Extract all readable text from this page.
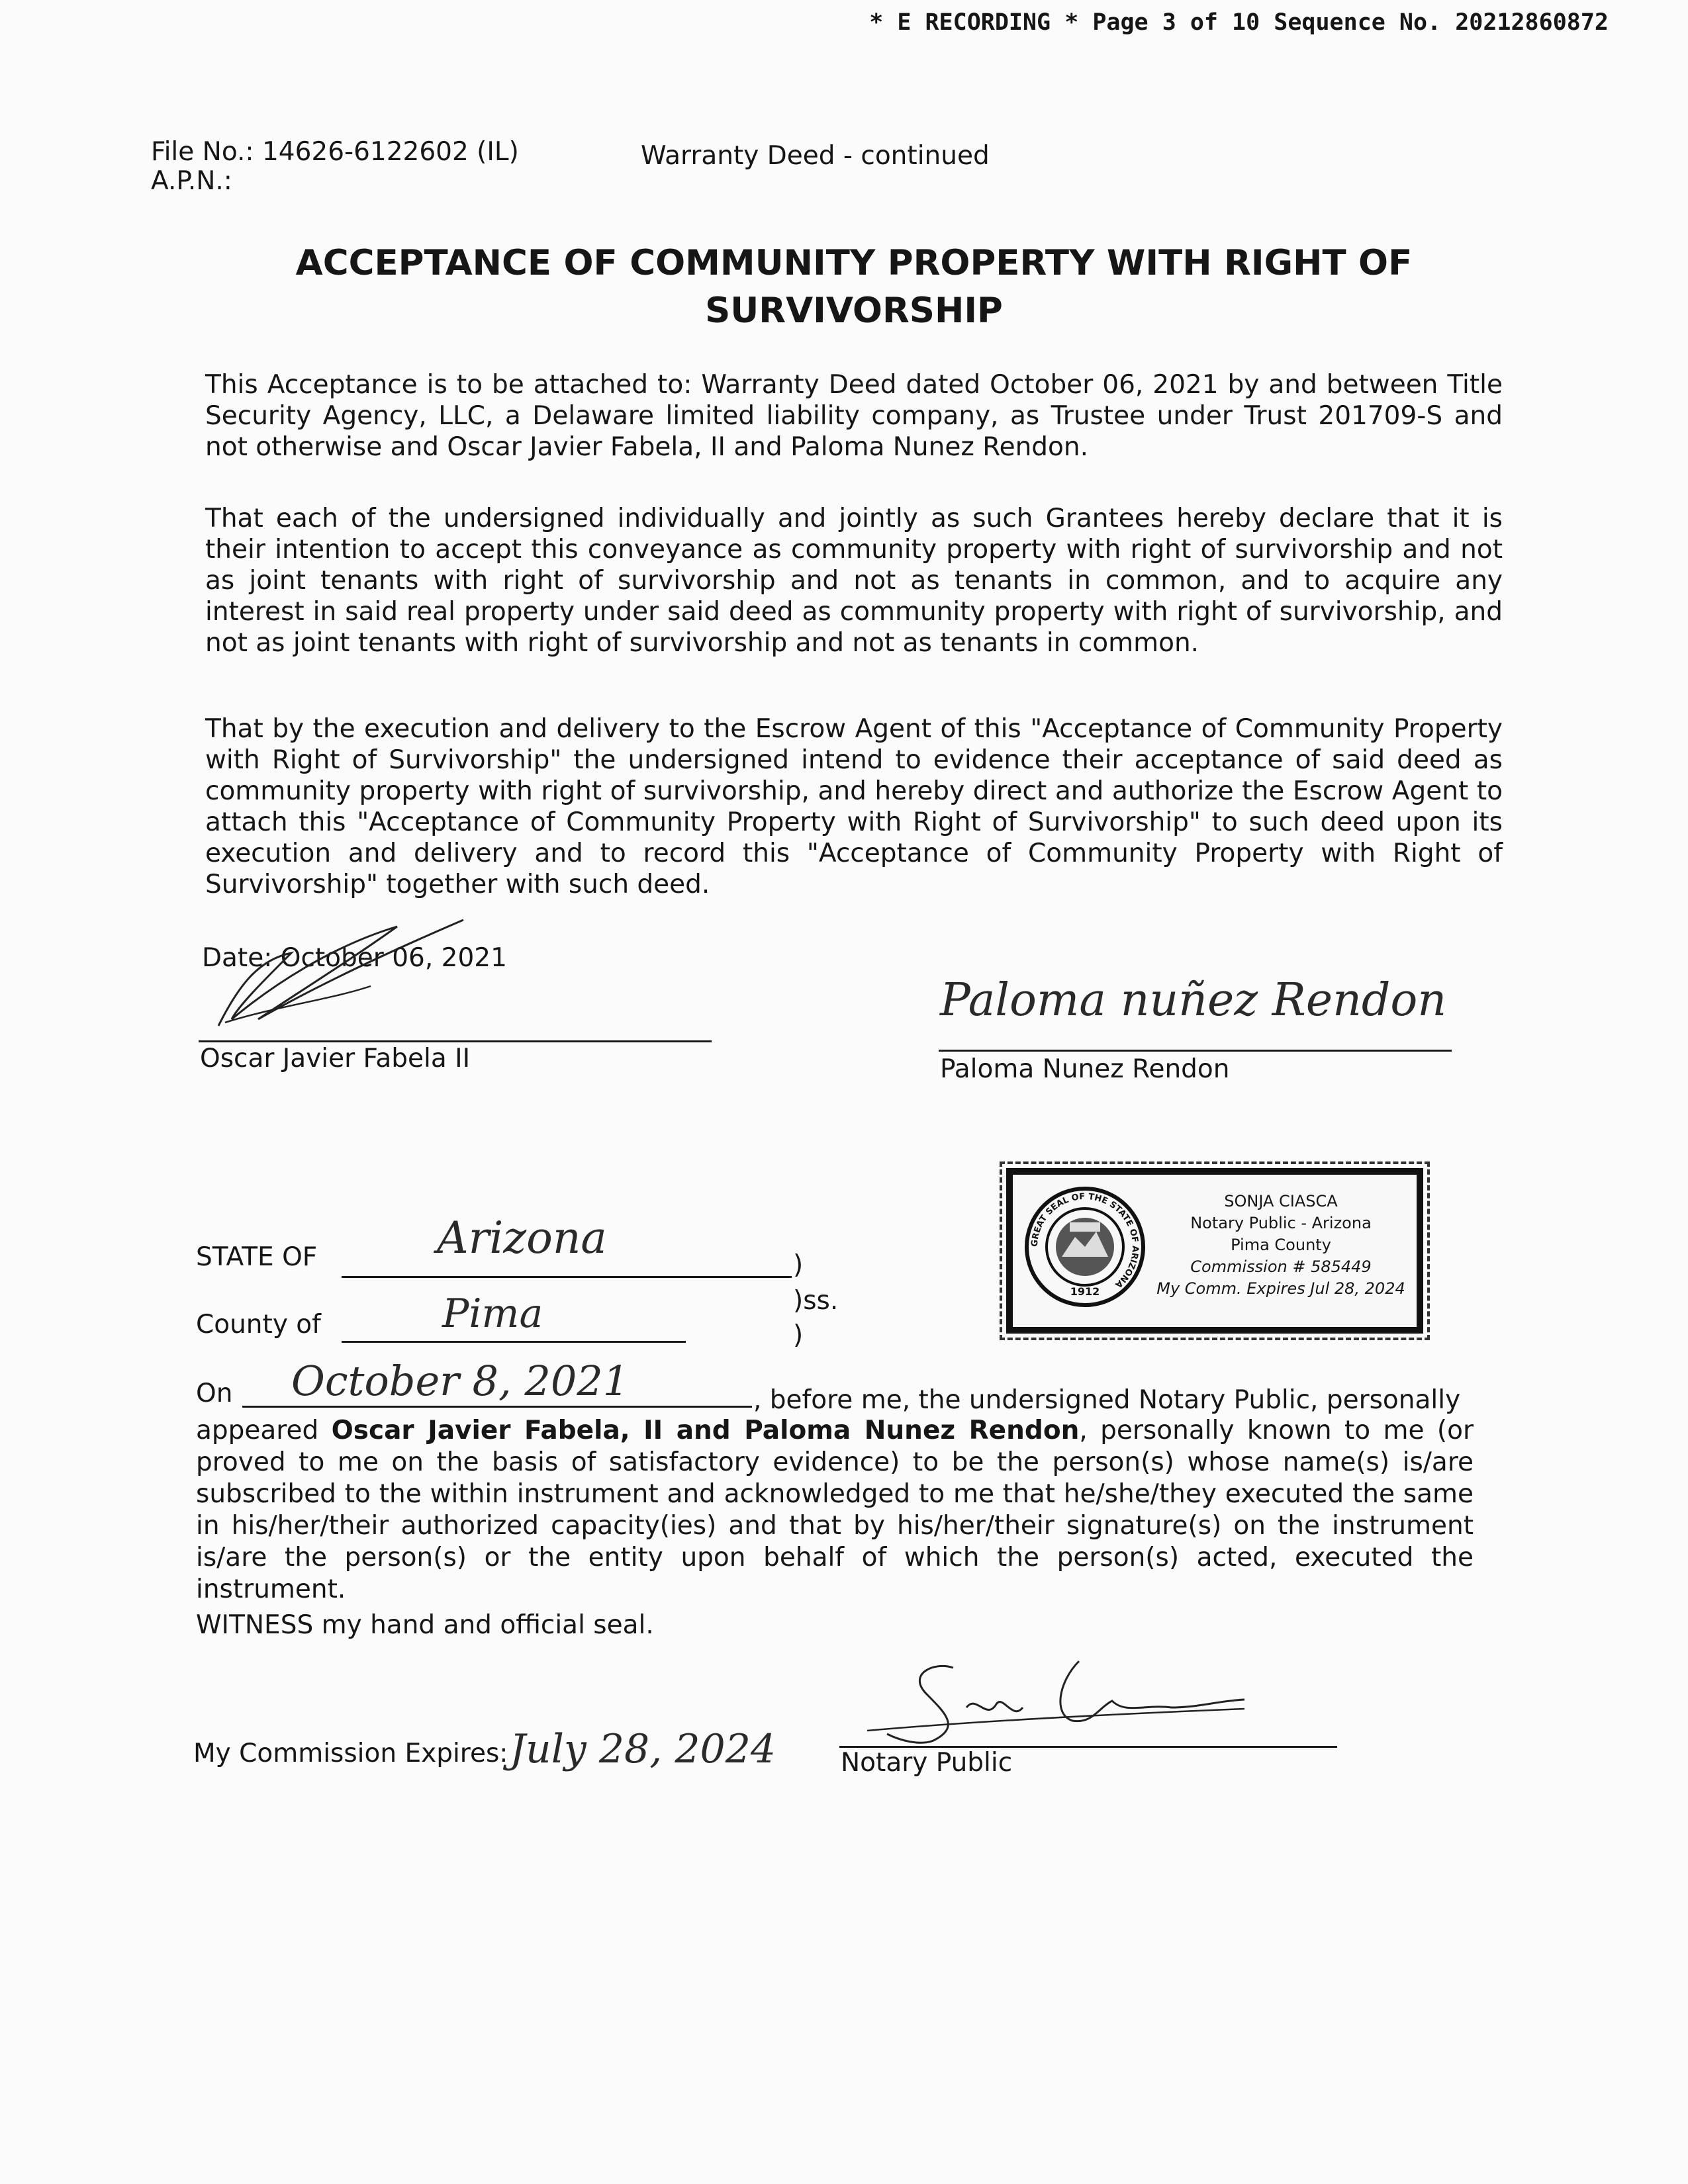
* E RECORDING * Page 3 of 10 Sequence No. 20212860872
File No.: 14626-6122602 (IL)
A.P.N.:
Warranty Deed - continued
ACCEPTANCE OF COMMUNITY PROPERTY WITH RIGHT OF
SURVIVORSHIP
This Acceptance is to be attached to: Warranty Deed dated October 06, 2021 by and between Title Security Agency, LLC, a Delaware limited liability company, as Trustee under Trust 201709-S and not otherwise and Oscar Javier Fabela, II and Paloma Nunez Rendon.
That each of the undersigned individually and jointly as such Grantees hereby declare that it is their intention to accept this conveyance as community property with right of survivorship and not as joint tenants with right of survivorship and not as tenants in common, and to acquire any interest in said real property under said deed as community property with right of survivorship, and not as joint tenants with right of survivorship and not as tenants in common.
That by the execution and delivery to the Escrow Agent of this "Acceptance of Community Property with Right of Survivorship" the undersigned intend to evidence their acceptance of said deed as community property with right of survivorship, and hereby direct and authorize the Escrow Agent to attach this "Acceptance of Community Property with Right of Survivorship" to such deed upon its execution and delivery and to record this "Acceptance of Community Property with Right of Survivorship" together with such deed.
Date: October 06, 2021
Oscar Javier Fabela II
Paloma nuñez Rendon
Paloma Nunez Rendon
GREAT SEAL OF THE STATE OF ARIZONA
1912
SONJA CIASCA
Notary Public - Arizona
Pima County
Commission # 585449
My Comm. Expires Jul 28, 2024
STATE OF	Arizona
)
County of	Pima	)ss.
)
On October 8, 2021	, before me, the undersigned Notary Public, personally
appeared Oscar Javier Fabela, II and Paloma Nunez Rendon, personally known to me (or proved to me on the basis of satisfactory evidence) to be the person(s) whose name(s) is/are subscribed to the within instrument and acknowledged to me that he/she/they executed the same in his/her/their authorized capacity(ies) and that by his/her/their signature(s) on the instrument is/are the person(s) or the entity upon behalf of which the person(s) acted, executed the instrument.
WITNESS my hand and official seal.
My Commission Expires: July 28, 2024	Notary Public
